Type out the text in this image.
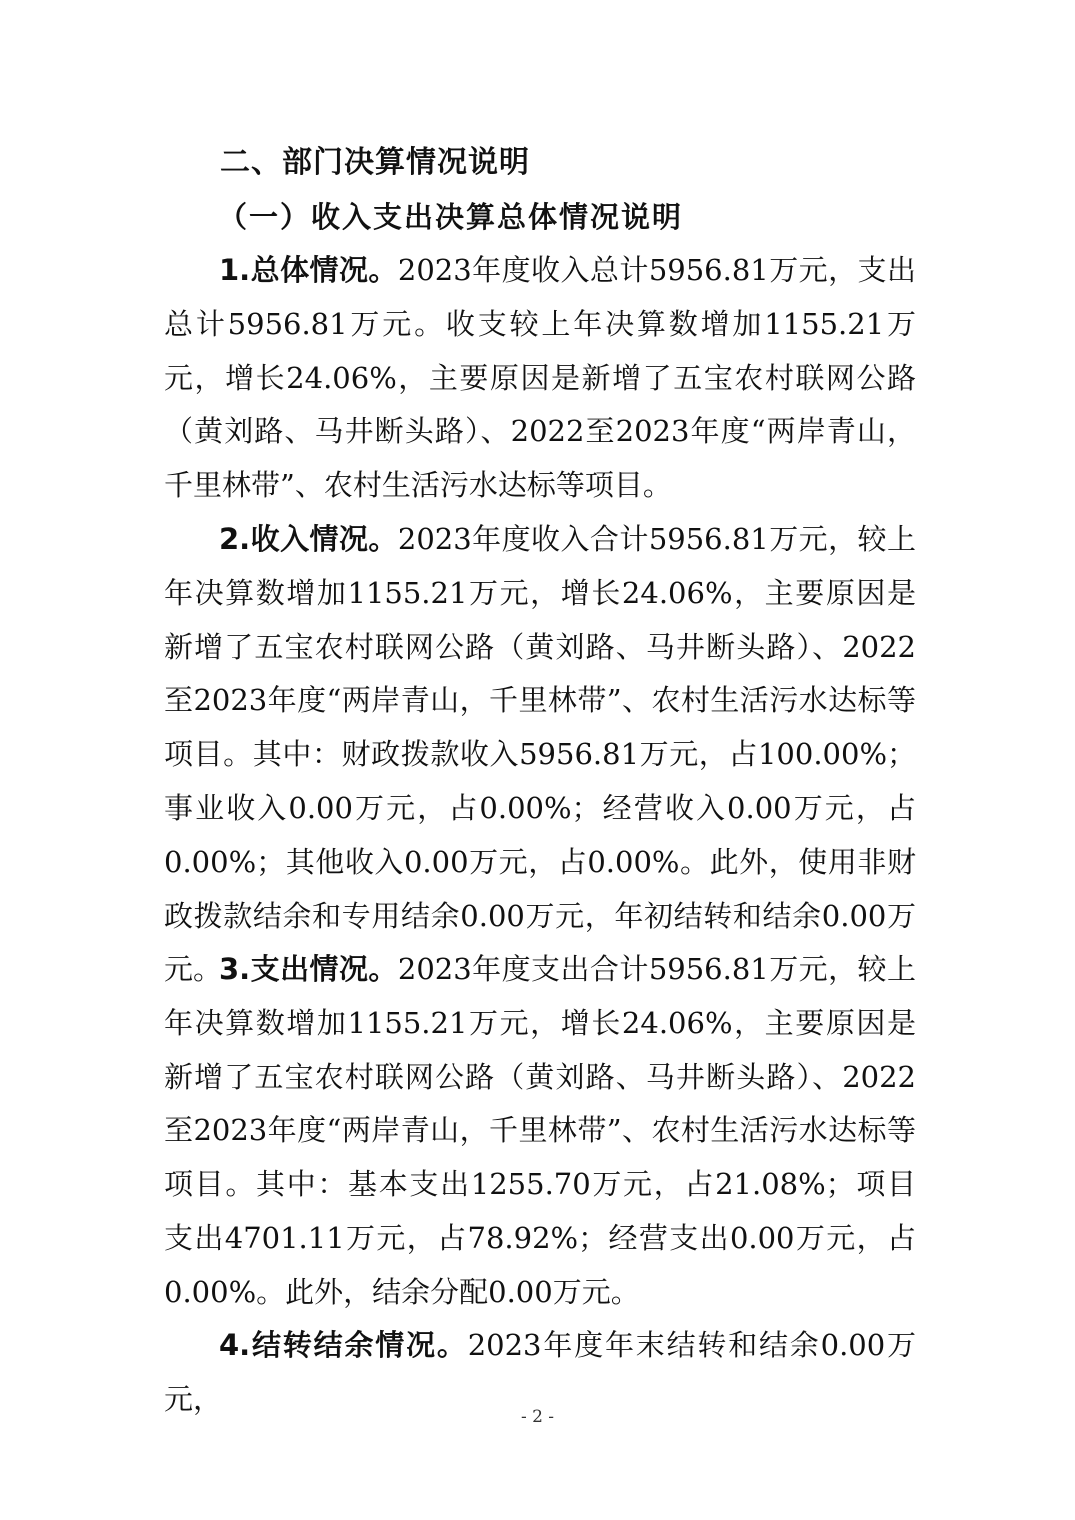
二、部门决算情况说明
（一）收入支出决算总体情况说明

1.总体情况。2023年度收入总计5956.81万元，支出总计5956.81万元。收支较上年决算数增加1155.21万元，增长24.06%，主要原因是新增了五宝农村联网公路（黄刘路、马井断头路）、2022至2023年度“两岸青山，千里林带”、农村生活污水达标等项目。

2.收入情况。2023年度收入合计5956.81万元，较上年决算数增加1155.21万元，增长24.06%，主要原因是新增了五宝农村联网公路（黄刘路、马井断头路）、2022至2023年度“两岸青山，千里林带”、农村生活污水达标等项目。其中：财政拨款收入5956.81万元，占100.00%；事业收入0.00万元，占0.00%；经营收入0.00万元，占0.00%；其他收入0.00万元，占0.00%。此外，使用非财政拨款结余和专用结余0.00万元，年初结转和结余0.00万元。

3.支出情况。2023年度支出合计5956.81万元，较上年决算数增加1155.21万元，增长24.06%，主要原因是新增了五宝农村联网公路（黄刘路、马井断头路）、2022至2023年度“两岸青山，千里林带”、农村生活污水达标等项目。其中：基本支出1255.70万元，占21.08%；项目支出4701.11万元，占78.92%；经营支出0.00万元，占0.00%。此外，结余分配0.00万元。

4.结转结余情况。2023年度年末结转和结余0.00万元，

- 2 -
